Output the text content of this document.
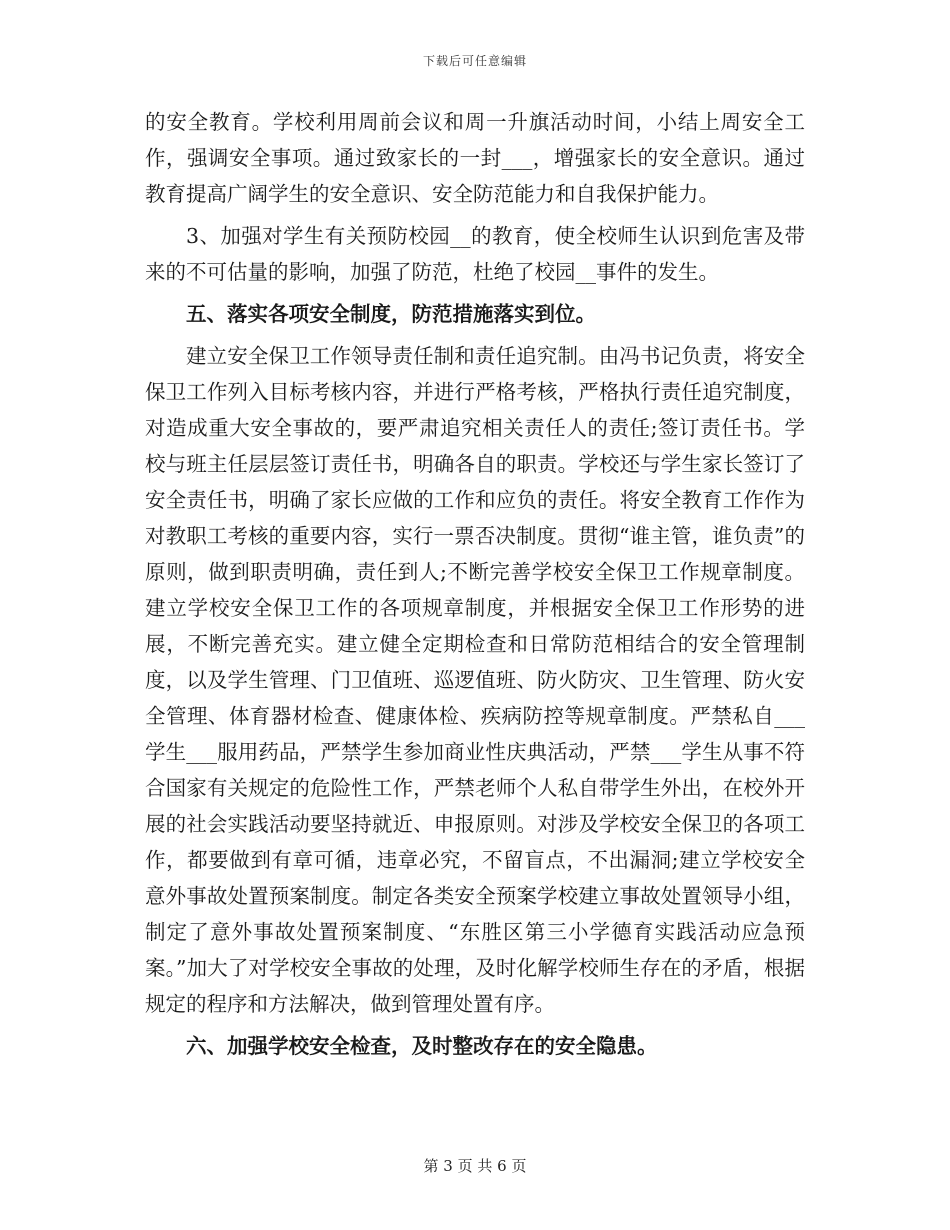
下载后可任意编辑

的安全教育。学校利用周前会议和周一升旗活动时间，小结上周安全工作，强调安全事项。通过致家长的一封___，增强家长的安全意识。通过教育提高广阔学生的安全意识、安全防范能力和自我保护能力。

3、加强对学生有关预防校园__的教育，使全校师生认识到危害及带来的不可估量的影响，加强了防范，杜绝了校园__事件的发生。

五、落实各项安全制度，防范措施落实到位。

建立安全保卫工作领导责任制和责任追究制。由冯书记负责，将安全保卫工作列入目标考核内容，并进行严格考核，严格执行责任追究制度，对造成重大安全事故的，要严肃追究相关责任人的责任;签订责任书。学校与班主任层层签订责任书，明确各自的职责。学校还与学生家长签订了安全责任书，明确了家长应做的工作和应负的责任。将安全教育工作作为对教职工考核的重要内容，实行一票否决制度。贯彻“谁主管，谁负责”的原则，做到职责明确，责任到人;不断完善学校安全保卫工作规章制度。建立学校安全保卫工作的各项规章制度，并根据安全保卫工作形势的进展，不断完善充实。建立健全定期检查和日常防范相结合的安全管理制度，以及学生管理、门卫值班、巡逻值班、防火防灾、卫生管理、防火安全管理、体育器材检查、健康体检、疾病防控等规章制度。严禁私自___学生___服用药品，严禁学生参加商业性庆典活动，严禁___学生从事不符合国家有关规定的危险性工作，严禁老师个人私自带学生外出，在校外开展的社会实践活动要坚持就近、申报原则。对涉及学校安全保卫的各项工作，都要做到有章可循，违章必究，不留盲点，不出漏洞;建立学校安全意外事故处置预案制度。制定各类安全预案学校建立事故处置领导小组，制定了意外事故处置预案制度、“东胜区第三小学德育实践活动应急预案。”加大了对学校安全事故的处理，及时化解学校师生存在的矛盾，根据规定的程序和方法解决，做到管理处置有序。

六、加强学校安全检查，及时整改存在的安全隐患。

第 3 页 共 6 页
